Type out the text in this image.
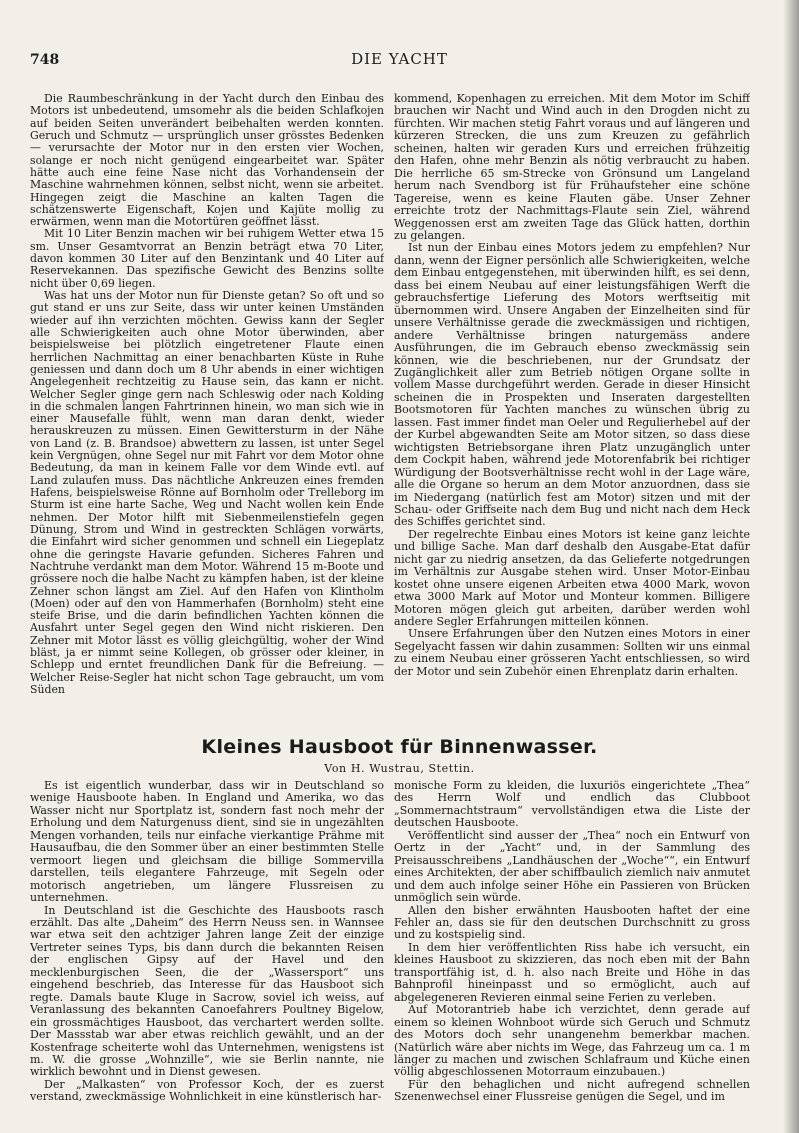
748	DIE YACHT

Die Raumbeschränkung in der Yacht durch den Einbau des Motors ist unbedeutend, umsomehr als die beiden Schlafkojen auf beiden Seiten unverändert beibehalten werden konnten. Geruch und Schmutz — ursprünglich unser grösstes Bedenken — verursachte der Motor nur in den ersten vier Wochen, solange er noch nicht genügend eingearbeitet war. Später hätte auch eine feine Nase nicht das Vorhandensein der Maschine wahrnehmen können, selbst nicht, wenn sie arbeitet. Hingegen zeigt die Maschine an kalten Tagen die schätzenswerte Eigenschaft, Kojen und Kajüte mollig zu erwärmen, wenn man die Motortüren geöffnet lässt.

Mit 10 Liter Benzin machen wir bei ruhigem Wetter etwa 15 sm. Unser Gesamtvorrat an Benzin beträgt etwa 70 Liter, davon kommen 30 Liter auf den Benzintank und 40 Liter auf Reservekannen. Das spezifische Gewicht des Benzins sollte nicht über 0,69 liegen.

Was hat uns der Motor nun für Dienste getan? So oft und so gut stand er uns zur Seite, dass wir unter keinen Umständen wieder auf ihn verzichten möchten. Gewiss kann der Segler alle Schwierigkeiten auch ohne Motor überwinden, aber beispielsweise bei plötzlich eingetretener Flaute einen herrlichen Nachmittag an einer benachbarten Küste in Ruhe geniessen und dann doch um 8 Uhr abends in einer wichtigen Angelegenheit rechtzeitig zu Hause sein, das kann er nicht. Welcher Segler ginge gern nach Schleswig oder nach Kolding in die schmalen langen Fahrtrinnen hinein, wo man sich wie in einer Mausefalle fühlt, wenn man daran denkt, wieder herauskreuzen zu müssen. Einen Gewittersturm in der Nähe von Land (z. B. Brandsoe) abwettern zu lassen, ist unter Segel kein Vergnügen, ohne Segel nur mit Fahrt vor dem Motor ohne Bedeutung, da man in keinem Falle vor dem Winde evtl. auf Land zulaufen muss. Das nächtliche Ankreuzen eines fremden Hafens, beispielsweise Rönne auf Bornholm oder Trelleborg im Sturm ist eine harte Sache, Weg und Nacht wollen kein Ende nehmen. Der Motor hilft mit Siebenmeilenstiefeln gegen Dünung, Strom und Wind in gestreckten Schlägen vorwärts, die Einfahrt wird sicher genommen und schnell ein Liegeplatz ohne die geringste Havarie gefunden. Sicheres Fahren und Nachtruhe verdankt man dem Motor. Während 15 m-Boote und grössere noch die halbe Nacht zu kämpfen haben, ist der kleine Zehner schon längst am Ziel. Auf den Hafen von Klintholm (Moen) oder auf den von Hammerhafen (Bornholm) steht eine steife Brise, und die darin befindlichen Yachten können die Ausfahrt unter Segel gegen den Wind nicht riskieren. Den Zehner mit Motor lässt es völlig gleichgültig, woher der Wind bläst, ja er nimmt seine Kollegen, ob grösser oder kleiner, in Schlepp und erntet freundlichen Dank für die Befreiung. — Welcher Reise-Segler hat nicht schon Tage gebraucht, um vom Süden

kommend, Kopenhagen zu erreichen. Mit dem Motor im Schiff brauchen wir Nacht und Wind auch in den Drogden nicht zu fürchten. Wir machen stetig Fahrt voraus und auf längeren und kürzeren Strecken, die uns zum Kreuzen zu gefährlich scheinen, halten wir geraden Kurs und erreichen frühzeitig den Hafen, ohne mehr Benzin als nötig verbraucht zu haben. Die herrliche 65 sm-Strecke von Grönsund um Langeland herum nach Svendborg ist für Frühaufsteher eine schöne Tagereise, wenn es keine Flauten gäbe. Unser Zehner erreichte trotz der Nachmittags-Flaute sein Ziel, während Weggenossen erst am zweiten Tage das Glück hatten, dorthin zu gelangen.

Ist nun der Einbau eines Motors jedem zu empfehlen? Nur dann, wenn der Eigner persönlich alle Schwierigkeiten, welche dem Einbau entgegenstehen, mit überwinden hilft, es sei denn, dass bei einem Neubau auf einer leistungsfähigen Werft die gebrauchsfertige Lieferung des Motors werftseitig mit übernommen wird. Unsere Angaben der Einzelheiten sind für unsere Verhältnisse gerade die zweckmässigen und richtigen, andere Verhältnisse bringen naturgemäss andere Ausführungen, die im Gebrauch ebenso zweckmässig sein können, wie die beschriebenen, nur der Grundsatz der Zugänglichkeit aller zum Betrieb nötigen Organe sollte in vollem Masse durchgeführt werden. Gerade in dieser Hinsicht scheinen die in Prospekten und Inseraten dargestellten Bootsmotoren für Yachten manches zu wünschen übrig zu lassen. Fast immer findet man Oeler und Regulierhebel auf der der Kurbel abgewandten Seite am Motor sitzen, so dass diese wichtigsten Betriebsorgane ihren Platz unzugänglich unter dem Cockpit haben, während jede Motorenfabrik bei richtiger Würdigung der Bootsverhältnisse recht wohl in der Lage wäre, alle die Organe so herum an dem Motor anzuordnen, dass sie im Niedergang (natürlich fest am Motor) sitzen und mit der Schau- oder Griffseite nach dem Bug und nicht nach dem Heck des Schiffes gerichtet sind.

Der regelrechte Einbau eines Motors ist keine ganz leichte und billige Sache. Man darf deshalb den Ausgabe-Etat dafür nicht gar zu niedrig ansetzen, da das Gelieferte notgedrungen im Verhältnis zur Ausgabe stehen wird. Unser Motor-Einbau kostet ohne unsere eigenen Arbeiten etwa 4000 Mark, wovon etwa 3000 Mark auf Motor und Monteur kommen. Billigere Motoren mögen gleich gut arbeiten, darüber werden wohl andere Segler Erfahrungen mitteilen können.

Unsere Erfahrungen über den Nutzen eines Motors in einer Segelyacht fassen wir dahin zusammen: Sollten wir uns einmal zu einem Neubau einer grösseren Yacht entschliessen, so wird der Motor und sein Zubehör einen Ehrenplatz darin erhalten.

Kleines Hausboot für Binnenwasser.
Von H. Wustrau, Stettin.

Es ist eigentlich wunderbar, dass wir in Deutschland so wenige Hausboote haben. In England und Amerika, wo das Wasser nicht nur Sportplatz ist, sondern fast noch mehr der Erholung und dem Naturgenuss dient, sind sie in ungezählten Mengen vorhanden, teils nur einfache vierkantige Prähme mit Hausaufbau, die den Sommer über an einer bestimmten Stelle vermoort liegen und gleichsam die billige Sommervilla darstellen, teils elegantere Fahrzeuge, mit Segeln oder motorisch angetrieben, um längere Flussreisen zu unternehmen.

In Deutschland ist die Geschichte des Hausboots rasch erzählt. Das alte „Daheim“ des Herrn Neuss sen. in Wannsee war etwa seit den achtziger Jahren lange Zeit der einzige Vertreter seines Typs, bis dann durch die bekannten Reisen der englischen Gipsy auf der Havel und den mecklenburgischen Seen, die der „Wassersport“ uns eingehend beschrieb, das Interesse für das Hausboot sich regte. Damals baute Kluge in Sacrow, soviel ich weiss, auf Veranlassung des bekannten Canoefahrers Poultney Bigelow, ein grossmächtiges Hausboot, das verchartert werden sollte. Der Massstab war aber etwas reichlich gewählt, und an der Kostenfrage scheiterte wohl das Unternehmen, wenigstens ist m. W. die grosse „Wohnzille“, wie sie Berlin nannte, nie wirklich bewohnt und in Dienst gewesen.

Der „Malkasten“ von Professor Koch, der es zuerst verstand, zweckmässige Wohnlichkeit in eine künstlerisch har-

monische Form zu kleiden, die luxuriös eingerichtete „Thea“ des Herrn Wolf und endlich das Clubboot „Sommernachtstraum“ vervollständigen etwa die Liste der deutschen Hausboote.

Veröffentlicht sind ausser der „Thea“ noch ein Entwurf von Oertz in der „Yacht“ und, in der Sammlung des Preisausschreibens „Landhäuschen der „Woche““, ein Entwurf eines Architekten, der aber schiffbaulich ziemlich naiv anmutet und dem auch infolge seiner Höhe ein Passieren von Brücken unmöglich sein würde.

Allen den bisher erwähnten Hausbooten haftet der eine Fehler an, dass sie für den deutschen Durchschnitt zu gross und zu kostspielig sind.

In dem hier veröffentlichten Riss habe ich versucht, ein kleines Hausboot zu skizzieren, das noch eben mit der Bahn transportfähig ist, d. h. also nach Breite und Höhe in das Bahnprofil hineinpasst und so ermöglicht, auch auf abgelegeneren Revieren einmal seine Ferien zu verleben.

Auf Motorantrieb habe ich verzichtet, denn gerade auf einem so kleinen Wohnboot würde sich Geruch und Schmutz des Motors doch sehr unangenehm bemerkbar machen. (Natürlich wäre aber nichts im Wege, das Fahrzeug um ca. 1 m länger zu machen und zwischen Schlafraum und Küche einen völlig abgeschlossenen Motorraum einzubauen.)

Für den behaglichen und nicht aufregend schnellen Szenenwechsel einer Flussreise genügen die Segel, und im
